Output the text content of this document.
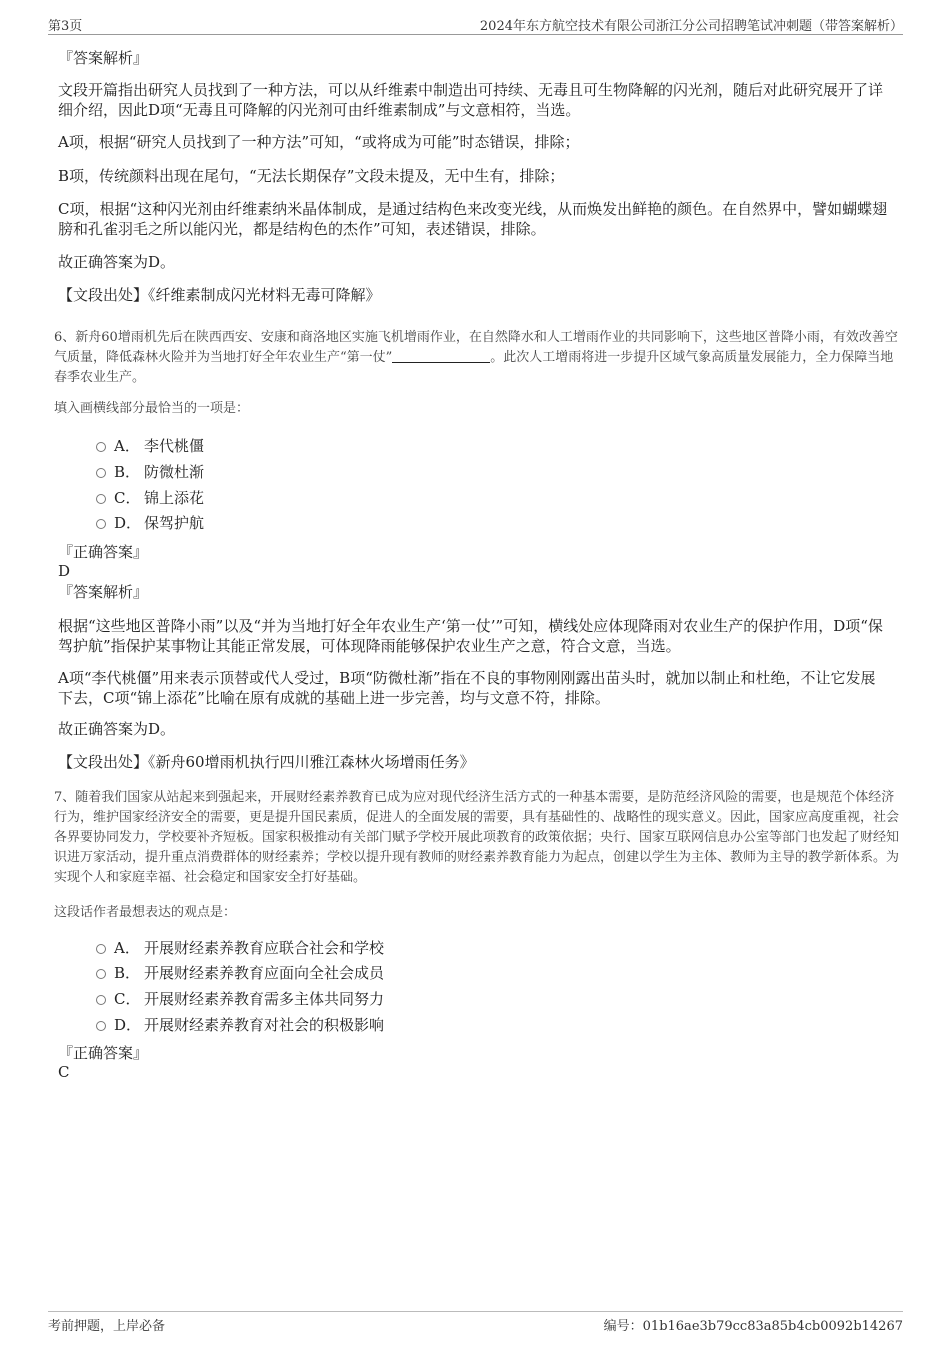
第3页	2024年东方航空技术有限公司浙江分公司招聘笔试冲刺题（带答案解析）
『答案解析』
文段开篇指出研究人员找到了一种方法，可以从纤维素中制造出可持续、无毒且可生物降解的闪光剂，随后对此研究展开了详细介绍，因此D项“无毒且可降解的闪光剂可由纤维素制成”与文意相符，当选。
A项，根据“研究人员找到了一种方法”可知，“或将成为可能”时态错误，排除；
B项，传统颜料出现在尾句，“无法长期保存”文段未提及，无中生有，排除；
C项，根据“这种闪光剂由纤维素纳米晶体制成，是通过结构色来改变光线，从而焕发出鲜艳的颜色。在自然界中，譬如蝴蝶翅膀和孔雀羽毛之所以能闪光，都是结构色的杰作”可知，表述错误，排除。
故正确答案为D。
【文段出处】《纤维素制成闪光材料无毒可降解》
6、新舟60增雨机先后在陕西西安、安康和商洛地区实施飞机增雨作业，在自然降水和人工增雨作业的共同影响下，这些地区普降小雨，有效改善空气质量，降低森林火险并为当地打好全年农业生产“第一仗”	。此次人工增雨将进一步提升区域气象高质量发展能力，全力保障当地春季农业生产。
填入画横线部分最恰当的一项是：
A． 李代桃僵
B． 防微杜渐
C． 锦上添花
D． 保驾护航
『正确答案』
D
『答案解析』
根据“这些地区普降小雨”以及“并为当地打好全年农业生产‘第一仗’”可知，横线处应体现降雨对农业生产的保护作用，D项“保驾护航”指保护某事物让其能正常发展，可体现降雨能够保护农业生产之意，符合文意，当选。
A项“李代桃僵”用来表示顶替或代人受过，B项“防微杜渐”指在不良的事物刚刚露出苗头时，就加以制止和杜绝，不让它发展下去，C项“锦上添花”比喻在原有成就的基础上进一步完善，均与文意不符，排除。
故正确答案为D。
【文段出处】《新舟60增雨机执行四川雅江森林火场增雨任务》
7、随着我们国家从站起来到强起来，开展财经素养教育已成为应对现代经济生活方式的一种基本需要，是防范经济风险的需要，也是规范个体经济行为，维护国家经济安全的需要，更是提升国民素质，促进人的全面发展的需要，具有基础性的、战略性的现实意义。因此，国家应高度重视，社会各界要协同发力，学校要补齐短板。国家积极推动有关部门赋予学校开展此项教育的政策依据；央行、国家互联网信息办公室等部门也发起了财经知识进万家活动，提升重点消费群体的财经素养；学校以提升现有教师的财经素养教育能力为起点，创建以学生为主体、教师为主导的教学新体系。为实现个人和家庭幸福、社会稳定和国家安全打好基础。
这段话作者最想表达的观点是：
A． 开展财经素养教育应联合社会和学校
B． 开展财经素养教育应面向全社会成员
C． 开展财经素养教育需多主体共同努力
D． 开展财经素养教育对社会的积极影响
『正确答案』
C
考前押题，上岸必备	编号：01b16ae3b79cc83a85b4cb0092b14267
